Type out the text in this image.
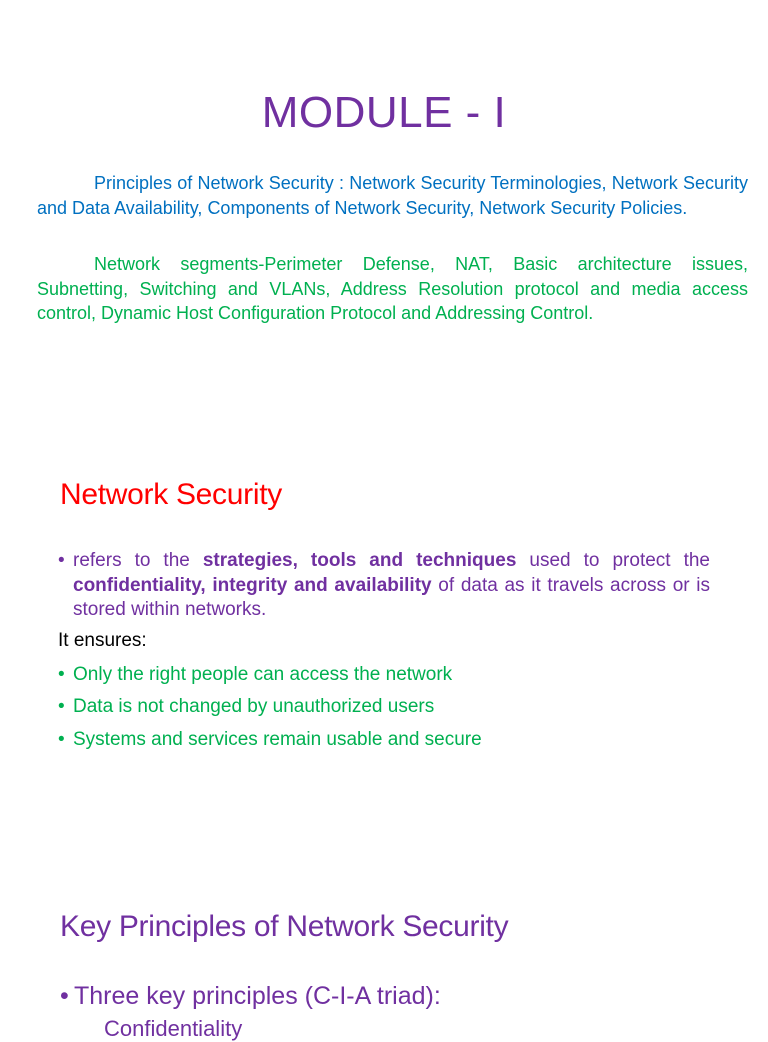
MODULE - I
Principles of Network Security : Network Security Terminologies, Network Security and Data Availability, Components of Network Security, Network Security Policies.
Network segments-Perimeter Defense, NAT, Basic architecture issues, Subnetting, Switching and VLANs, Address Resolution protocol and media access control, Dynamic Host Configuration Protocol and Addressing Control.
Network Security
• refers to the strategies, tools and techniques used to protect the confidentiality, integrity and availability of data as it travels across or is stored within networks.
It ensures:
• Only the right people can access the network
• Data is not changed by unauthorized users
• Systems and services remain usable and secure
Key Principles of Network Security
• Three key principles (C-I-A triad):
Confidentiality
